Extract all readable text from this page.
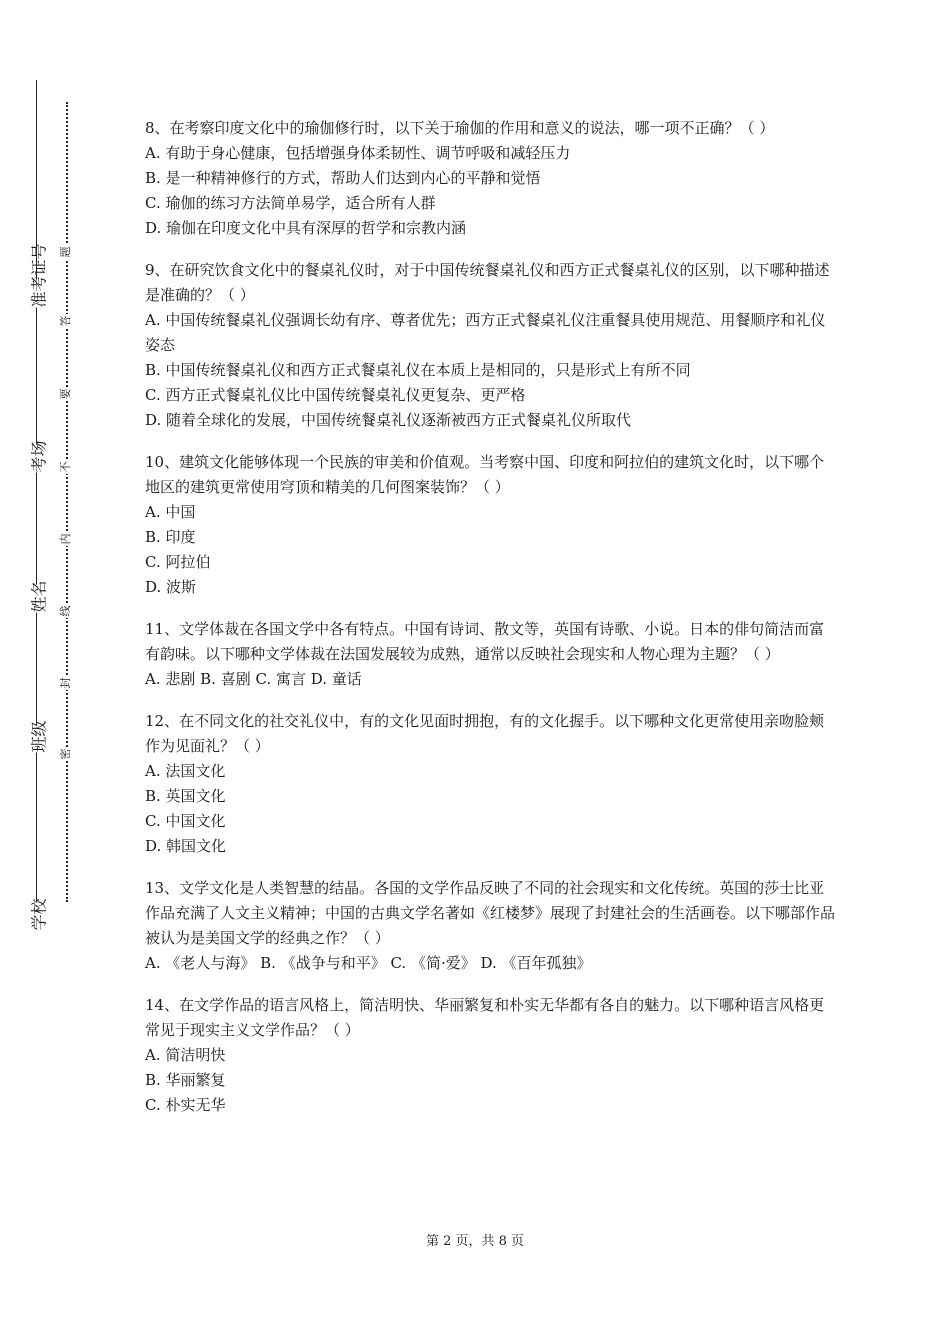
准考证号
考场
姓名
班级
学校
题
答
要
不
内
线
封
密

8、在考察印度文化中的瑜伽修行时，以下关于瑜伽的作用和意义的说法，哪一项不正确？（ ）

A. 有助于身心健康，包括增强身体柔韧性、调节呼吸和减轻压力

B. 是一种精神修行的方式，帮助人们达到内心的平静和觉悟

C. 瑜伽的练习方法简单易学，适合所有人群

D. 瑜伽在印度文化中具有深厚的哲学和宗教内涵

9、在研究饮食文化中的餐桌礼仪时，对于中国传统餐桌礼仪和西方正式餐桌礼仪的区别，以下哪种描述是准确的？（ ）

A. 中国传统餐桌礼仪强调长幼有序、尊者优先；西方正式餐桌礼仪注重餐具使用规范、用餐顺序和礼仪姿态

B. 中国传统餐桌礼仪和西方正式餐桌礼仪在本质上是相同的，只是形式上有所不同

C. 西方正式餐桌礼仪比中国传统餐桌礼仪更复杂、更严格

D. 随着全球化的发展，中国传统餐桌礼仪逐渐被西方正式餐桌礼仪所取代

10、建筑文化能够体现一个民族的审美和价值观。当考察中国、印度和阿拉伯的建筑文化时，以下哪个地区的建筑更常使用穹顶和精美的几何图案装饰？（ ）

A. 中国

B. 印度

C. 阿拉伯

D. 波斯

11、文学体裁在各国文学中各有特点。中国有诗词、散文等，英国有诗歌、小说。日本的俳句简洁而富有韵味。以下哪种文学体裁在法国发展较为成熟，通常以反映社会现实和人物心理为主题？（ ）

A. 悲剧 B. 喜剧 C. 寓言 D. 童话

12、在不同文化的社交礼仪中，有的文化见面时拥抱，有的文化握手。以下哪种文化更常使用亲吻脸颊作为见面礼？（ ）

A. 法国文化

B. 英国文化

C. 中国文化

D. 韩国文化

13、文学文化是人类智慧的结晶。各国的文学作品反映了不同的社会现实和文化传统。英国的莎士比亚作品充满了人文主义精神；中国的古典文学名著如《红楼梦》展现了封建社会的生活画卷。以下哪部作品被认为是美国文学的经典之作？（ ）

A. 《老人与海》 B. 《战争与和平》 C. 《简·爱》 D. 《百年孤独》

14、在文学作品的语言风格上，简洁明快、华丽繁复和朴实无华都有各自的魅力。以下哪种语言风格更常见于现实主义文学作品？（ ）

A. 简洁明快

B. 华丽繁复

C. 朴实无华

第 2 页，共 8 页
